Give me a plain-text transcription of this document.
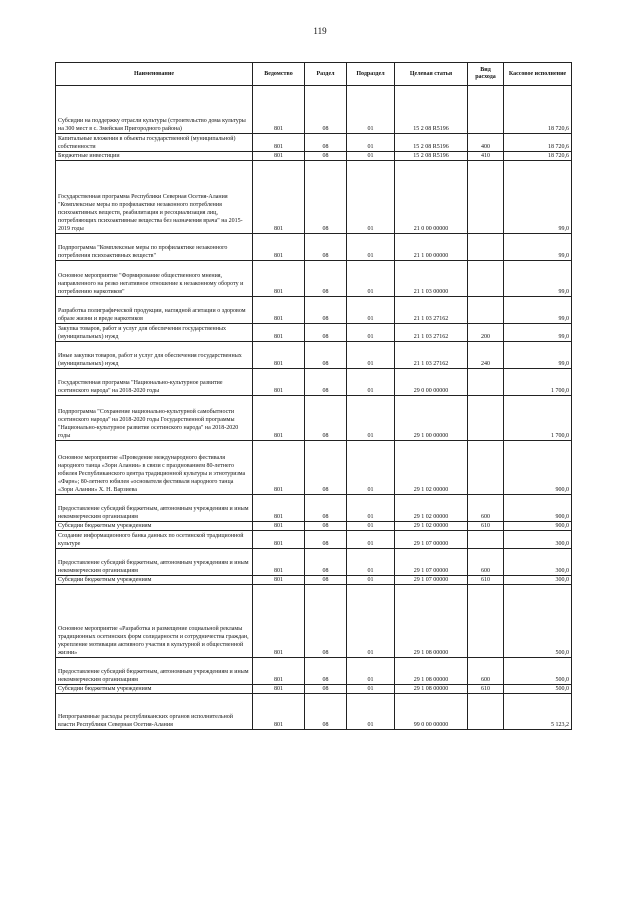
119
Наименование	Ведомство	Раздел	Подраздел	Целевая статья	Вид расхода	Кассовое исполнение
Субсидии на поддержку отрасли культуры (строительство дома культуры на 300 мест в с. Змейская Пригородного района)	801	08	01	15 2 08 R5196		18 720,6
Капитальные вложения в объекты государственной (муниципальной) собственности	801	08	01	15 2 08 R5196	400	18 720,6
Бюджетные инвестиции	801	08	01	15 2 08 R5196	410	18 720,6
Государственная программа Республики Северная Осетия-Алания "Комплексные меры по профилактике незаконного потребления психоактивных веществ, реабилитация и ресоциализация лиц, потребляющих психоактивные вещества без назначения врача" на 2015-2019 годы	801	08	01	21 0 00 00000		99,0
Подпрограмма "Комплексные меры по профилактике незаконного потребления психоактивных веществ"	801	08	01	21 1 00 00000		99,0
Основное мероприятие "Формирование общественного мнения, направленного на резко негативное отношение к незаконному обороту и потреблению наркотиков"	801	08	01	21 1 03 00000		99,0
Разработка полиграфической продукции, наглядной агитации о здоровом образе жизни и вреде наркотиков	801	08	01	21 1 03 27162		99,0
Закупка товаров, работ и услуг для обеспечения государственных (муниципальных) нужд	801	08	01	21 1 03 27162	200	99,0
Иные закупки товаров, работ и услуг для обеспечения государственных (муниципальных) нужд	801	08	01	21 1 03 27162	240	99,0
Государственная программа "Национально-культурное развитие осетинского народа" на 2018-2020 годы	801	08	01	29 0 00 00000		1 700,0
Подпрограмма "Сохранение национально-культурной самобытности осетинского народа" на 2018-2020 годы Государственной программы "Национально-культурное развитие осетинского народа" на 2018-2020 годы	801	08	01	29 1 00 00000		1 700,0
Основное мероприятие «Проведение международного фестиваля народного танца «Зори Алании» в связи с празднованием 80-летнего юбилея Республиканского центра традиционной культуры и этнотуризма «Фарн»; 80-летнего юбилея «основателя фестиваля народного танца «Зори Алании» Х. Н. Варзиева	801	08	01	29 1 02 00000		900,0
Предоставление субсидий бюджетным, автономным учреждениям и иным некоммерческим организациям	801	08	01	29 1 02 00000	600	900,0
Субсидии бюджетным учреждениям	801	08	01	29 1 02 00000	610	900,0
Создание информационного банка данных по осетинской традиционной культуре	801	08	01	29 1 07 00000		300,0
Предоставление субсидий бюджетным, автономным учреждениям и иным некоммерческим организациям	801	08	01	29 1 07 00000	600	300,0
Субсидии бюджетным учреждениям	801	08	01	29 1 07 00000	610	300,0
Основное мероприятие «Разработка и размещение социальной рекламы традиционных осетинских форм солидарности и сотрудничества граждан, укрепление мотивации активного участия в культурной и общественной жизни»	801	08	01	29 1 08 00000		500,0
Предоставление субсидий бюджетным, автономным учреждениям и иным некоммерческим организациям	801	08	01	29 1 08 00000	600	500,0
Субсидии бюджетным учреждениям	801	08	01	29 1 08 00000	610	500,0
Непрограммные расходы республиканских органов исполнительной власти Республики Северная Осетия-Алания	801	08	01	99 0 00 00000		5 123,2
